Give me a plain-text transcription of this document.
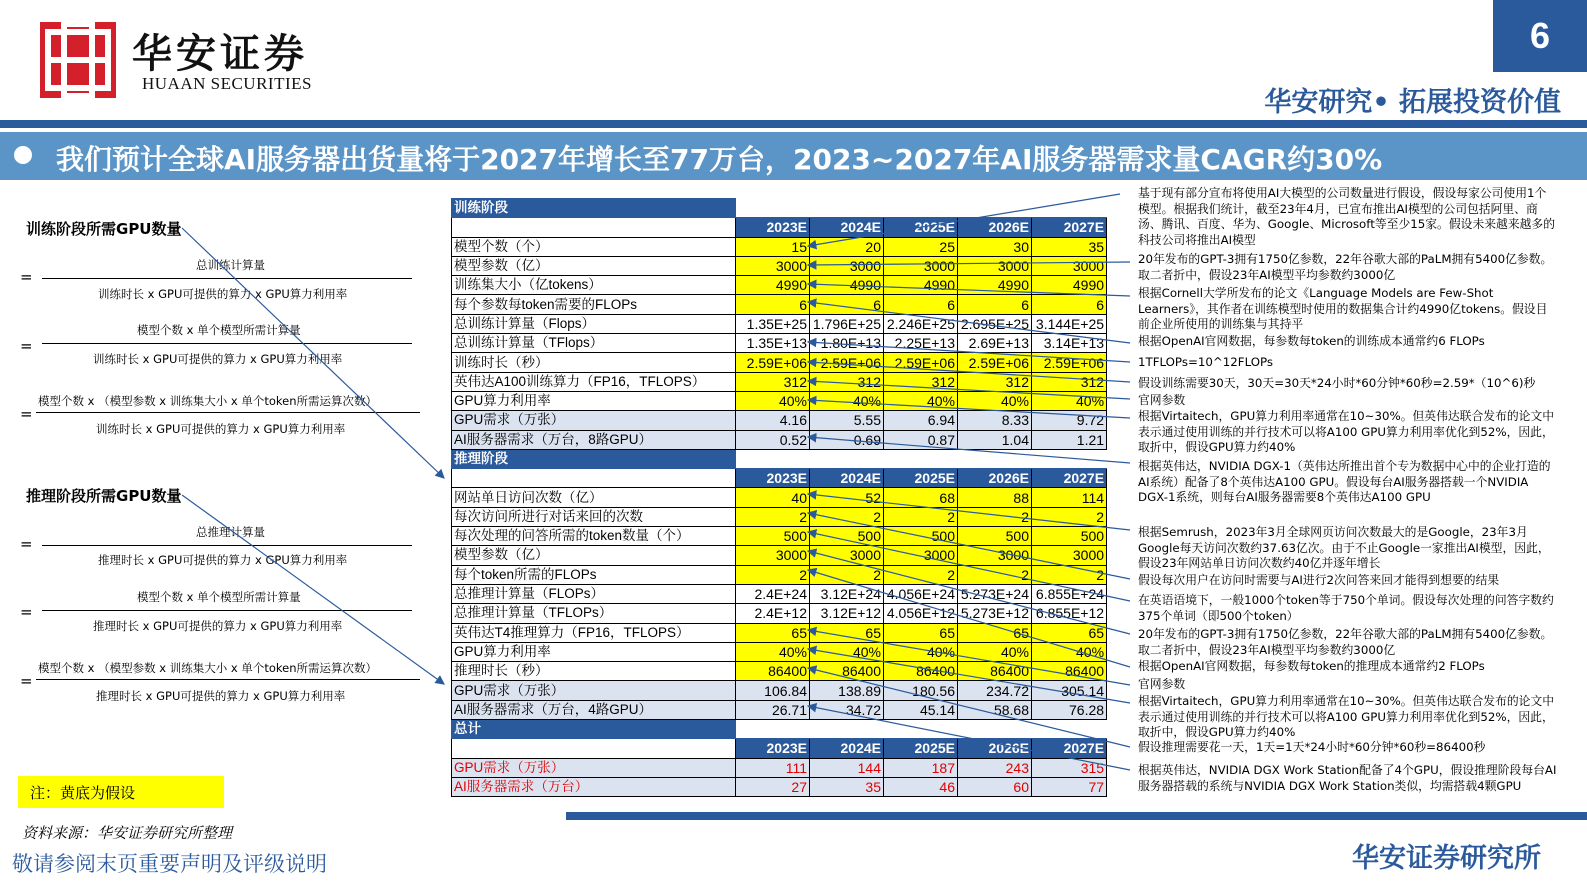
华安证券
HUAAN SECURITIES
6
华安研究• 拓展投资价值
我们预计全球AI服务器出货量将于2027年增长至77万台，2023~2027年AI服务器需求量CAGR约30%
训练阶段所需GPU数量
=
总训练计算量
训练时长 x GPU可提供的算力 x GPU算力利用率
=
模型个数 x 单个模型所需计算量
训练时长 x GPU可提供的算力 x GPU算力利用率
=
模型个数 x （模型参数 x 训练集大小 x 单个token所需运算次数）
训练时长 x GPU可提供的算力 x GPU算力利用率
推理阶段所需GPU数量
=
总推理计算量
推理时长 x GPU可提供的算力 x GPU算力利用率
=
模型个数 x 单个模型所需计算量
推理时长 x GPU可提供的算力 x GPU算力利用率
=
模型个数 x （模型参数 x 训练集大小 x 单个token所需运算次数）
推理时长 x GPU可提供的算力 x GPU算力利用率
注：黄底为假设
训练阶段					
	2023E	2024E	2025E	2026E	2027E
模型个数（个）	15	20	25	30	35
模型参数（亿）	3000	3000	3000	3000	3000
训练集大小（亿tokens）	4990	4990	4990	4990	4990
每个参数每token需要的FLOPs	6	6	6	6	6
总训练计算量（Flops）	1.35E+25	1.796E+25	2.246E+25	2.695E+25	3.144E+25
总训练计算量（TFlops）	1.35E+13	1.80E+13	2.25E+13	2.69E+13	3.14E+13
训练时长（秒）	2.59E+06	2.59E+06	2.59E+06	2.59E+06	2.59E+06
英伟达A100训练算力（FP16，TFLOPS）	312	312	312	312	312
GPU算力利用率	40%	40%	40%	40%	40%
GPU需求（万张）	4.16	5.55	6.94	8.33	9.72
AI服务器需求（万台，8路GPU）	0.52	0.69	0.87	1.04	1.21
推理阶段					
	2023E	2024E	2025E	2026E	2027E
网站单日访问次数（亿）	40	52	68	88	114
每次访问所进行对话来回的次数	2	2	2	2	2
每次处理的问答所需的token数量（个）	500	500	500	500	500
模型参数（亿）	3000	3000	3000	3000	3000
每个token所需的FLOPs	2	2	2	2	2
总推理计算量（FLOPs）	2.4E+24	3.12E+24	4.056E+24	5.273E+24	6.855E+24
总推理计算量（TFLOPs）	2.4E+12	3.12E+12	4.056E+12	5.273E+12	6.855E+12
英伟达T4推理算力（FP16，TFLOPS）	65	65	65	65	65
GPU算力利用率	40%	40%	40%	40%	40%
推理时长（秒）	86400	86400	86400	86400	86400
GPU需求（万张）	106.84	138.89	180.56	234.72	305.14
AI服务器需求（万台，4路GPU）	26.71	34.72	45.14	58.68	76.28
总计					
	2023E	2024E	2025E	2026E	2027E
GPU需求（万张）	111	144	187	243	315
AI服务器需求（万台）	27	35	46	60	77
基于现有部分宣布将使用AI大模型的公司数量进行假设，假设每家公司使用1个模型。根据我们统计，截至23年4月，已宣布推出AI模型的公司包括阿里、商汤、腾讯、百度、华为、Google、Microsoft等至少15家。假设未来越来越多的科技公司将推出AI模型
20年发布的GPT-3拥有1750亿参数，22年谷歌大部的PaLM拥有5400亿参数。取二者折中，假设23年AI模型平均参数约3000亿
根据Cornell大学所发布的论文《Language Models are Few-Shot Learners》，其作者在训练模型时使用的数据集合计约4990亿tokens。假设目前企业所使用的训练集与其持平
根据OpenAI官网数据，每参数每token的训练成本通常约6 FLOPs
1TFLOPs=10^12FLOPs
假设训练需要30天，30天=30天*24小时*60分钟*60秒=2.59*（10^6)秒
官网参数
根据Virtaitech，GPU算力利用率通常在10~30%。但英伟达联合发布的论文中表示通过使用训练的并行技术可以将A100 GPU算力利用率优化到52%，因此，取折中，假设GPU算力约40%
根据英伟达，NVIDIA DGX-1（英伟达所推出首个专为数据中心中的企业打造的AI系统）配备了8个英伟达A100 GPU。假设每台AI服务器搭载一个NVIDIA DGX-1系统，则每台AI服务器需要8个英伟达A100 GPU
根据Semrush，2023年3月全球网页访问次数最大的是Google，23年3月Google每天访问次数约37.63亿次。由于不止Google一家推出AI模型，因此，假设23年网站单日访问次数约40亿并逐年增长
假设每次用户在访问时需要与AI进行2次问答来回才能得到想要的结果
在英语语境下，一般1000个token等于750个单词。假设每次处理的问答字数约375个单词（即500个token）
20年发布的GPT-3拥有1750亿参数，22年谷歌大部的PaLM拥有5400亿参数。取二者折中，假设23年AI模型平均参数约3000亿
根据OpenAI官网数据，每参数每token的推理成本通常约2 FLOPs
官网参数
根据Virtaitech，GPU算力利用率通常在10~30%。但英伟达联合发布的论文中表示通过使用训练的并行技术可以将A100 GPU算力利用率优化到52%，因此，取折中，假设GPU算力约40%
假设推理需要花一天，1天=1天*24小时*60分钟*60秒=86400秒
根据英伟达，NVIDIA DGX Work Station配备了4个GPU，假设推理阶段每台AI服务器搭载的系统与NVIDIA DGX Work Station类似，均需搭载4颗GPU
资料来源：华安证券研究所整理
敬请参阅末页重要声明及评级说明	华安证券研究所
